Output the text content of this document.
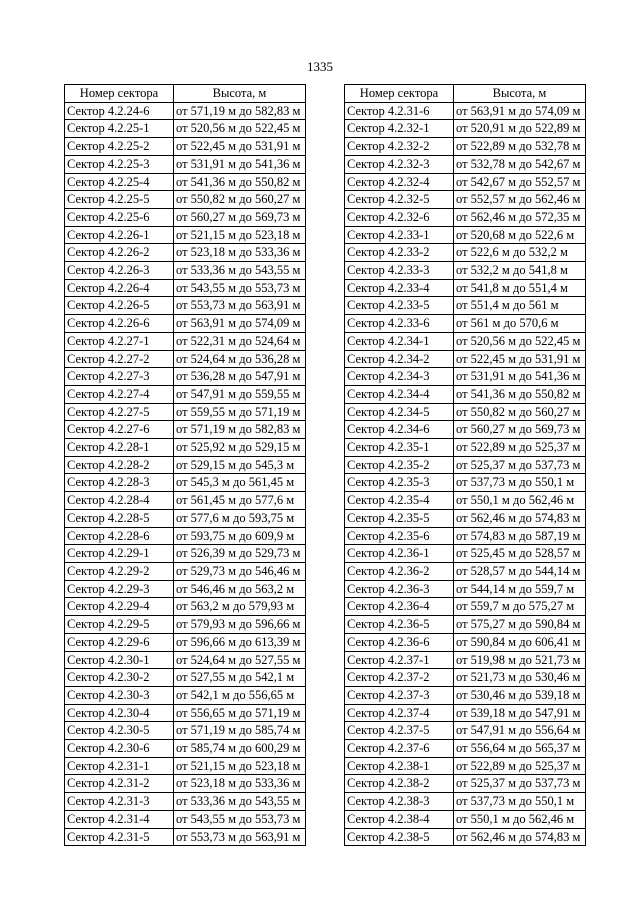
1335
Номер сектора	Высота, м
Сектор 4.2.24-6	от 571,19 м до 582,83 м
Сектор 4.2.25-1	от 520,56 м до 522,45 м
Сектор 4.2.25-2	от 522,45 м до 531,91 м
Сектор 4.2.25-3	от 531,91 м до 541,36 м
Сектор 4.2.25-4	от 541,36 м до 550,82 м
Сектор 4.2.25-5	от 550,82 м до 560,27 м
Сектор 4.2.25-6	от 560,27 м до 569,73 м
Сектор 4.2.26-1	от 521,15 м до 523,18 м
Сектор 4.2.26-2	от 523,18 м до 533,36 м
Сектор 4.2.26-3	от 533,36 м до 543,55 м
Сектор 4.2.26-4	от 543,55 м до 553,73 м
Сектор 4.2.26-5	от 553,73 м до 563,91 м
Сектор 4.2.26-6	от 563,91 м до 574,09 м
Сектор 4.2.27-1	от 522,31 м до 524,64 м
Сектор 4.2.27-2	от 524,64 м до 536,28 м
Сектор 4.2.27-3	от 536,28 м до 547,91 м
Сектор 4.2.27-4	от 547,91 м до 559,55 м
Сектор 4.2.27-5	от 559,55 м до 571,19 м
Сектор 4.2.27-6	от 571,19 м до 582,83 м
Сектор 4.2.28-1	от 525,92 м до 529,15 м
Сектор 4.2.28-2	от 529,15 м до 545,3 м
Сектор 4.2.28-3	от 545,3 м до 561,45 м
Сектор 4.2.28-4	от 561,45 м до 577,6 м
Сектор 4.2.28-5	от 577,6 м до 593,75 м
Сектор 4.2.28-6	от 593,75 м до 609,9 м
Сектор 4.2.29-1	от 526,39 м до 529,73 м
Сектор 4.2.29-2	от 529,73 м до 546,46 м
Сектор 4.2.29-3	от 546,46 м до 563,2 м
Сектор 4.2.29-4	от 563,2 м до 579,93 м
Сектор 4.2.29-5	от 579,93 м до 596,66 м
Сектор 4.2.29-6	от 596,66 м до 613,39 м
Сектор 4.2.30-1	от 524,64 м до 527,55 м
Сектор 4.2.30-2	от 527,55 м до 542,1 м
Сектор 4.2.30-3	от 542,1 м до 556,65 м
Сектор 4.2.30-4	от 556,65 м до 571,19 м
Сектор 4.2.30-5	от 571,19 м до 585,74 м
Сектор 4.2.30-6	от 585,74 м до 600,29 м
Сектор 4.2.31-1	от 521,15 м до 523,18 м
Сектор 4.2.31-2	от 523,18 м до 533,36 м
Сектор 4.2.31-3	от 533,36 м до 543,55 м
Сектор 4.2.31-4	от 543,55 м до 553,73 м
Сектор 4.2.31-5	от 553,73 м до 563,91 м
Номер сектора	Высота, м
Сектор 4.2.31-6	от 563,91 м до 574,09 м
Сектор 4.2.32-1	от 520,91 м до 522,89 м
Сектор 4.2.32-2	от 522,89 м до 532,78 м
Сектор 4.2.32-3	от 532,78 м до 542,67 м
Сектор 4.2.32-4	от 542,67 м до 552,57 м
Сектор 4.2.32-5	от 552,57 м до 562,46 м
Сектор 4.2.32-6	от 562,46 м до 572,35 м
Сектор 4.2.33-1	от 520,68 м до 522,6 м
Сектор 4.2.33-2	от 522,6 м до 532,2 м
Сектор 4.2.33-3	от 532,2 м до 541,8 м
Сектор 4.2.33-4	от 541,8 м до 551,4 м
Сектор 4.2.33-5	от 551,4 м до 561 м
Сектор 4.2.33-6	от 561 м до 570,6 м
Сектор 4.2.34-1	от 520,56 м до 522,45 м
Сектор 4.2.34-2	от 522,45 м до 531,91 м
Сектор 4.2.34-3	от 531,91 м до 541,36 м
Сектор 4.2.34-4	от 541,36 м до 550,82 м
Сектор 4.2.34-5	от 550,82 м до 560,27 м
Сектор 4.2.34-6	от 560,27 м до 569,73 м
Сектор 4.2.35-1	от 522,89 м до 525,37 м
Сектор 4.2.35-2	от 525,37 м до 537,73 м
Сектор 4.2.35-3	от 537,73 м до 550,1 м
Сектор 4.2.35-4	от 550,1 м до 562,46 м
Сектор 4.2.35-5	от 562,46 м до 574,83 м
Сектор 4.2.35-6	от 574,83 м до 587,19 м
Сектор 4.2.36-1	от 525,45 м до 528,57 м
Сектор 4.2.36-2	от 528,57 м до 544,14 м
Сектор 4.2.36-3	от 544,14 м до 559,7 м
Сектор 4.2.36-4	от 559,7 м до 575,27 м
Сектор 4.2.36-5	от 575,27 м до 590,84 м
Сектор 4.2.36-6	от 590,84 м до 606,41 м
Сектор 4.2.37-1	от 519,98 м до 521,73 м
Сектор 4.2.37-2	от 521,73 м до 530,46 м
Сектор 4.2.37-3	от 530,46 м до 539,18 м
Сектор 4.2.37-4	от 539,18 м до 547,91 м
Сектор 4.2.37-5	от 547,91 м до 556,64 м
Сектор 4.2.37-6	от 556,64 м до 565,37 м
Сектор 4.2.38-1	от 522,89 м до 525,37 м
Сектор 4.2.38-2	от 525,37 м до 537,73 м
Сектор 4.2.38-3	от 537,73 м до 550,1 м
Сектор 4.2.38-4	от 550,1 м до 562,46 м
Сектор 4.2.38-5	от 562,46 м до 574,83 м
